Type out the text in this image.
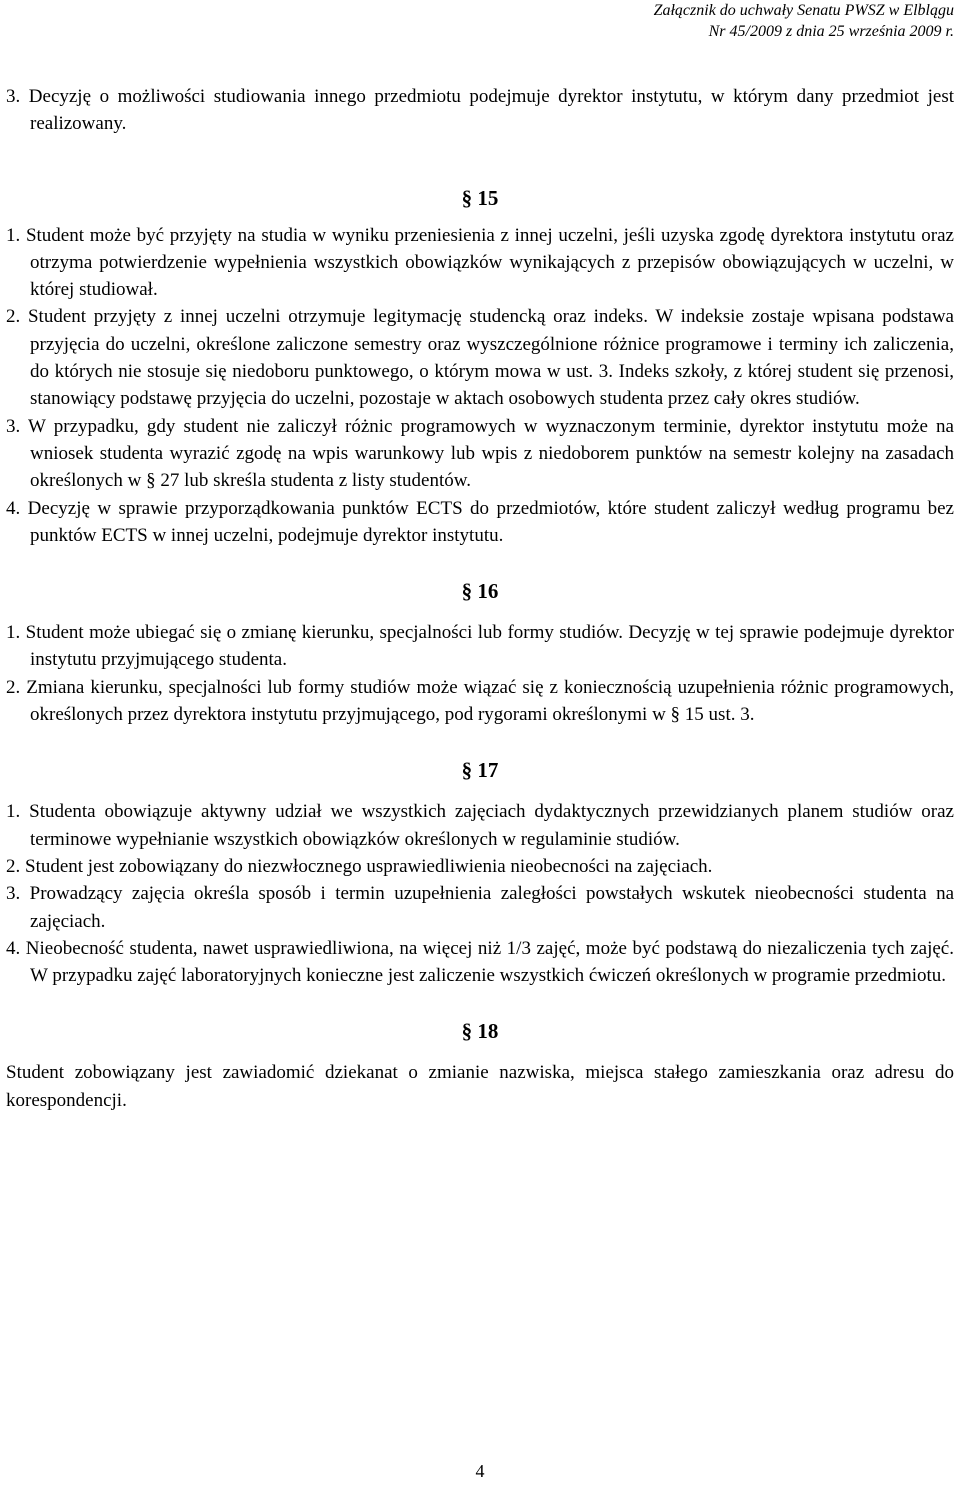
Załącznik do uchwały Senatu PWSZ w Elblągu
Nr 45/2009 z dnia 25 września 2009 r.

3. Decyzję o możliwości studiowania innego przedmiotu podejmuje dyrektor instytutu, w którym dany przedmiot jest realizowany.

§ 15

1. Student może być przyjęty na studia w wyniku przeniesienia z innej uczelni, jeśli uzyska zgodę dyrektora instytutu oraz otrzyma potwierdzenie wypełnienia wszystkich obowiązków wynikających z przepisów obowiązujących w uczelni, w której studiował.

2. Student przyjęty z innej uczelni otrzymuje legitymację studencką oraz indeks. W indeksie zostaje wpisana podstawa przyjęcia do uczelni, określone zaliczone semestry oraz wyszczególnione różnice programowe i terminy ich zaliczenia, do których nie stosuje się niedoboru punktowego, o którym mowa w ust. 3. Indeks szkoły, z której student się przenosi, stanowiący podstawę przyjęcia do uczelni, pozostaje w aktach osobowych studenta przez cały okres studiów.

3. W przypadku, gdy student nie zaliczył różnic programowych w wyznaczonym terminie, dyrektor instytutu może na wniosek studenta wyrazić zgodę na wpis warunkowy lub wpis z niedoborem punktów na semestr kolejny na zasadach określonych w § 27 lub skreśla studenta z listy studentów.

4. Decyzję w sprawie przyporządkowania punktów ECTS do przedmiotów, które student zaliczył według programu bez punktów ECTS w innej uczelni, podejmuje dyrektor instytutu.

§ 16

1. Student może ubiegać się o zmianę kierunku, specjalności lub formy studiów. Decyzję w tej sprawie podejmuje dyrektor instytutu przyjmującego studenta.

2. Zmiana kierunku, specjalności lub formy studiów może wiązać się z koniecznością uzupełnienia różnic programowych, określonych przez dyrektora instytutu przyjmującego, pod rygorami określonymi w § 15 ust. 3.

§ 17

1. Studenta obowiązuje aktywny udział we wszystkich zajęciach dydaktycznych przewidzianych planem studiów oraz terminowe wypełnianie wszystkich obowiązków określonych w regulaminie studiów.

2. Student jest zobowiązany do niezwłocznego usprawiedliwienia nieobecności na zajęciach.

3. Prowadzący zajęcia określa sposób i termin uzupełnienia zaległości powstałych wskutek nieobecności studenta na zajęciach.

4. Nieobecność studenta, nawet usprawiedliwiona, na więcej niż 1/3 zajęć, może być podstawą do niezaliczenia tych zajęć. W przypadku zajęć laboratoryjnych konieczne jest zaliczenie wszystkich ćwiczeń określonych w programie przedmiotu.

§ 18

Student zobowiązany jest zawiadomić dziekanat o zmianie nazwiska, miejsca stałego zamieszkania oraz adresu do korespondencji.

4
